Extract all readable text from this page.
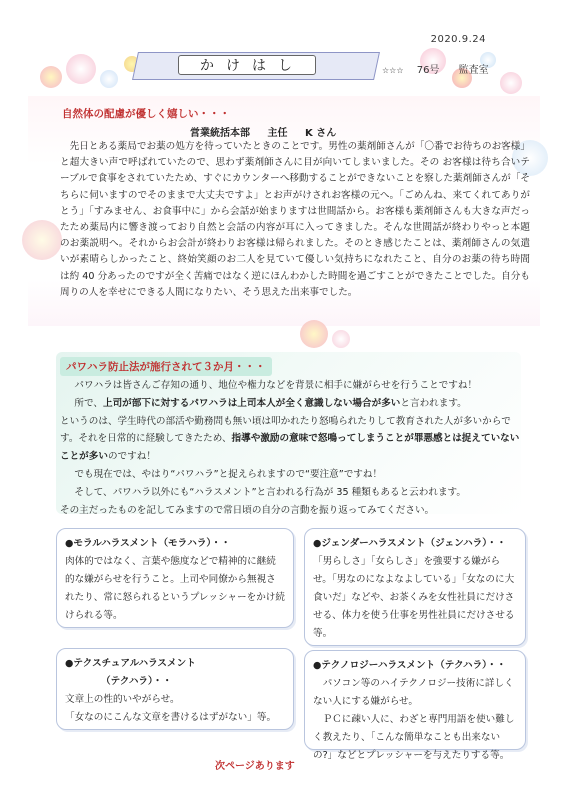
2020.9.24
かけはし	☆☆☆ 76号 監査室
自然体の配慮が優しく嬉しい・・・
営業統括本部 主任 K さん
先日とある薬局でお薬の処方を待っていたときのことです。男性の薬剤師さんが「〇番でお待ちのお客様」と超大きい声で呼ばれていたので、思わず薬剤師さんに目が向いてしまいました。その お客様は待ち合いテーブルで食事をされていたため、すぐにカウンターへ移動することができないことを察した薬剤師さんが「そちらに伺いますのでそのままで大丈夫ですよ」とお声がけされお客様の元へ。「ごめんね、来てくれてありがとう」「すみません、お食事中に」から会話が始まりますは世間話から。お客様も薬剤師さんも大きな声だったため薬局内に響き渡っており自然と会話の内容が耳に入ってきました。そんな世間話が終わりやっと本題のお薬説明へ。それからお会計が終わりお客様は帰られました。そのとき感じたことは、薬剤師さんの気遣いが素晴らしかったこと、終始笑顔のお二人を見ていて優しい気持ちになれたこと、自分のお薬の待ち時間は約 40 分あったのですが全く苦痛ではなく逆にほんわかした時間を過ごすことができたことでした。自分も周りの人を幸せにできる人間になりたい、そう思えた出来事でした。
パワハラ防止法が施行されて３か月・・・

パワハラは皆さんご存知の通り、地位や権力などを背景に相手に嫌がらせを行うことですね！

所で、上司が部下に対するパワハラは上司本人が全く意識しない場合が多いと言われます。

というのは、学生時代の部活や勤務問も無い頃は叩かれたり怒鳴られたりして教育された人が多いからです。それを日常的に経験してきたため、指導や激励の意味で怒鳴ってしまうことが罪悪感とは捉えていないことが多いのですね！

でも現在では、やはり“パワハラ”と捉えられますので“要注意”ですね！

そして、パワハラ以外にも“ハラスメント”と言われる行為が 35 種類もあると云われます。

その主だったものを記してみますので常日頃の自分の言動を振り返ってみてください。

●モラルハラスメント（モラハラ）・・
肉体的ではなく、言葉や態度などで精神的に継続的な嫌がらせを行うこと。上司や同僚から無視されたり、常に怒られるというプレッシャーをかけ続けられる等。
●ジェンダーハラスメント（ジェンハラ）・・
「男らしさ」「女らしさ」を強要する嫌がらせ。「男なのになよなよしている」「女なのに大食いだ」などや、お茶くみを女性社員にだけさせる、体力を使う仕事を男性社員にだけさせる等。
●テクスチュアルハラスメント
（テクハラ）・・
文章上の性的いやがらせ。
「女なのにこんな文章を書けるはずがない」等。
●テクノロジーハラスメント（テクハラ）・・
パソコン等のハイテクノロジー技術に詳しくない人にする嫌がらせ。
ＰＣに疎い人に、わざと専門用語を使い難しく教えたり、「こんな簡単なことも出来ないの?」などとプレッシャーを与えたりする等。
次ページあります
